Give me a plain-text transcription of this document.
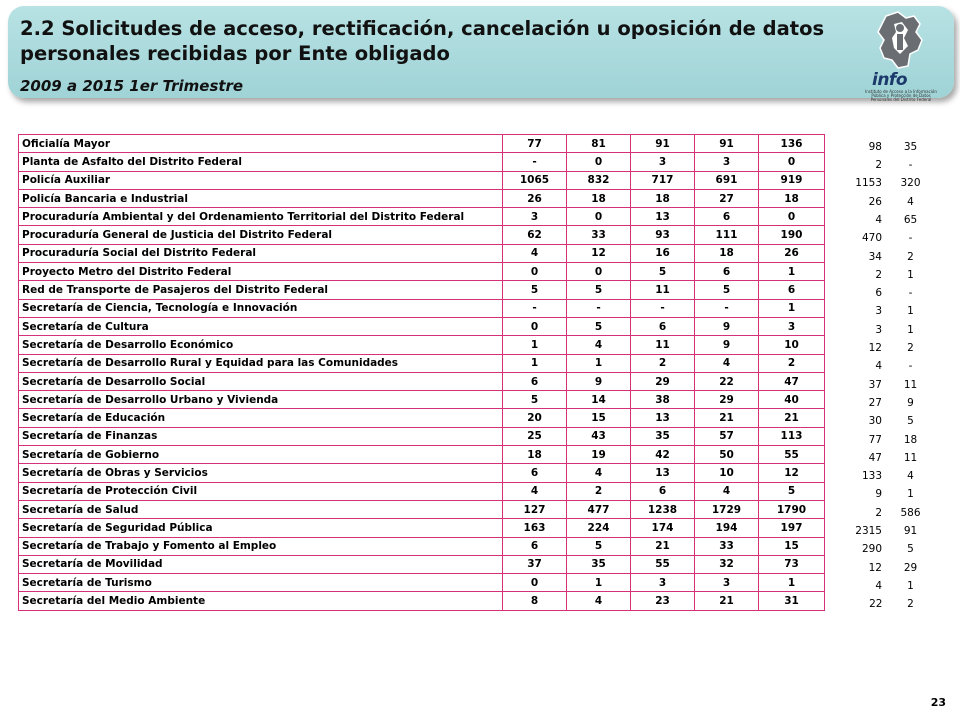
2.2 Solicitudes de acceso, rectificación, cancelación u oposición de datos personales recibidas por Ente obligado
2009 a 2015 1er Trimestre	info
Instituto de Acceso a la Información Pública y Protección de Datos Personales del Distrito Federal
Oficialía Mayor	77	81	91	91	136	98	35
Planta de Asfalto del Distrito Federal	-	0	3	3	0	2	-
Policía Auxiliar	1065	832	717	691	919	1153	320
Policía Bancaria e Industrial	26	18	18	27	18	26	4
Procuraduría Ambiental y del Ordenamiento Territorial del Distrito Federal	3	0	13	6	0	4	65
Procuraduría General de Justicia del Distrito Federal	62	33	93	111	190	470	-
Procuraduría Social del Distrito Federal	4	12	16	18	26	34	2
Proyecto Metro del Distrito Federal	0	0	5	6	1	2	1
Red de Transporte de Pasajeros del Distrito Federal	5	5	11	5	6	6	-
Secretaría de Ciencia, Tecnología e Innovación	-	-	-	-	1	3	1
Secretaría de Cultura	0	5	6	9	3	3	1
Secretaría de Desarrollo Económico	1	4	11	9	10	12	2
Secretaría de Desarrollo Rural y Equidad para las Comunidades	1	1	2	4	2	4	-
Secretaría de Desarrollo Social	6	9	29	22	47	37	11
Secretaría de Desarrollo Urbano y Vivienda	5	14	38	29	40	27	9
Secretaría de Educación	20	15	13	21	21	30	5
Secretaría de Finanzas	25	43	35	57	113	77	18
Secretaría de Gobierno	18	19	42	50	55	47	11
Secretaría de Obras y Servicios	6	4	13	10	12	133	4
Secretaría de Protección Civil	4	2	6	4	5	9	1
Secretaría de Salud	127	477	1238	1729	1790	2	586
Secretaría de Seguridad Pública	163	224	174	194	197	2315	91
Secretaría de Trabajo y Fomento al Empleo	6	5	21	33	15	290	5
Secretaría de Movilidad	37	35	55	32	73	12	29
Secretaría de Turismo	0	1	3	3	1	4	1
Secretaría del Medio Ambiente	8	4	23	21	31	22	2
23
